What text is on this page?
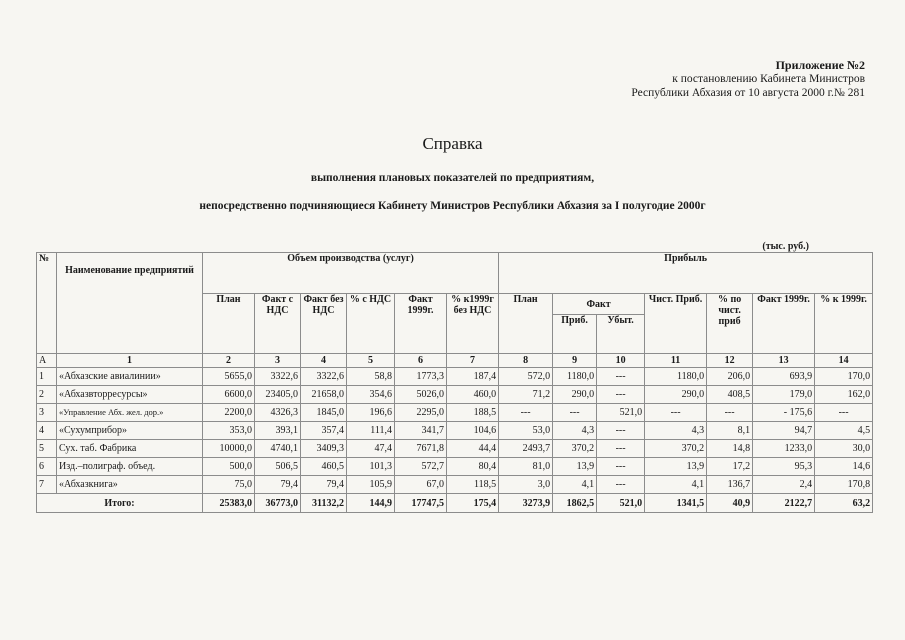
Приложение №2
к постановлению Кабинета Министров
Республики Абхазия от 10 августа 2000 г.№ 281
Справка
выполнения плановых показателей по предприятиям,
непосредственно подчиняющиеся Кабинету Министров Республики Абхазия за I полугодие 2000г
(тыс. руб.)
№	Наименование предприятий	Объем производства (услуг)						Прибыль						
		План	Факт с НДС	Факт без НДС	% с НДС	Факт 1999г.	% к1999г без НДС	План	Факт		Чист. Приб.	% по чист. приб	Факт 1999г.	% к 1999г.
									Приб.	Убыт.				
А	1	2	3	4	5	6	7	8	9	10	11	12	13	14
1	«Абхазские авиалинии»	5655,0	3322,6	3322,6	58,8	1773,3	187,4	572,0	1180,0	---	1180,0	206,0	693,9	170,0
2	«Абхазвторресурсы»	6600,0	23405,0	21658,0	354,6	5026,0	460,0	71,2	290,0	---	290,0	408,5	179,0	162,0
3	«Управление Абх. жел. дор.»	2200,0	4326,3	1845,0	196,6	2295,0	188,5	---	---	521,0	---	---	- 175,6	---
4	«Сухумприбор»	353,0	393,1	357,4	111,4	341,7	104,6	53,0	4,3	---	4,3	8,1	94,7	4,5
5	Сух. таб. Фабрика	10000,0	4740,1	3409,3	47,4	7671,8	44,4	2493,7	370,2	---	370,2	14,8	1233,0	30,0
6	Изд.–полиграф. объед.	500,0	506,5	460,5	101,3	572,7	80,4	81,0	13,9	---	13,9	17,2	95,3	14,6
7	«Абхазкнига»	75,0	79,4	79,4	105,9	67,0	118,5	3,0	4,1	---	4,1	136,7	2,4	170,8
Итого:		25383,0	36773,0	31132,2	144,9	17747,5	175,4	3273,9	1862,5	521,0	1341,5	40,9	2122,7	63,2
